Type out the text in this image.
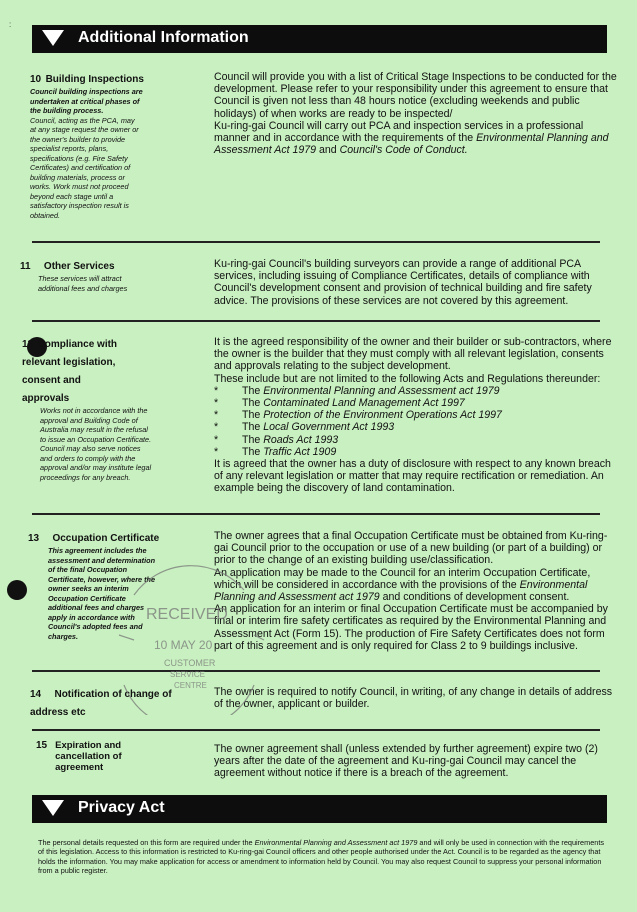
:
Additional Information
10 Building Inspections
Council building inspections are undertaken at critical phases of the building process.
Council, acting as the PCA, may at any stage request the owner or the owner's builder to provide specialist reports, plans, specifications (e.g. Fire Safety Certificates) and certification of building materials, process or works. Work must not proceed beyond each stage until a satisfactory inspection result is obtained.

Council will provide you with a list of Critical Stage Inspections to be conducted for the development. Please refer to your responsibility under this agreement to ensure that Council is given not less than 48 hours notice (excluding weekends and public holidays) of when works are ready to be inspected/

Ku-ring-gai Council will carry out PCA and inspection services in a professional manner and in accordance with the requirements of the Environmental Planning and Assessment Act 1979 and Council's Code of Conduct.

11 Other Services
These services will attract additional fees and charges

Ku-ring-gai Council's building surveyors can provide a range of additional PCA services, including issuing of Compliance Certificates, details of compliance with Council's development consent and provision of technical building and fire safety advice. The provisions of these services are not covered by this agreement.

12 Compliance with relevant legislation, consent and approvals
Works not in accordance with the approval and Building Code of Australia may result in the refusal to issue an Occupation Certificate. Council may also serve notices and orders to comply with the approval and/or may institute legal proceedings for any breach.

It is the agreed responsibility of the owner and their builder or sub-contractors, where the owner is the builder that they must comply with all relevant legislation, consents and approvals relating to the subject development.

These include but are not limited to the following Acts and Regulations thereunder:

* The Environmental Planning and Assessment act 1979
* The Contaminated Land Management Act 1997
* The Protection of the Environment Operations Act 1997
* The Local Government Act 1993
* The Roads Act 1993
* The Traffic Act 1909

It is agreed that the owner has a duty of disclosure with respect to any known breach of any relevant legislation or matter that may require rectification or remediation. An example being the discovery of land contamination.

13 Occupation Certificate
This agreement includes the assessment and determination of the final Occupation Certificate, however, where the owner seeks an interim Occupation Certificate additional fees and charges apply in accordance with Council's adopted fees and charges.

The owner agrees that a final Occupation Certificate must be obtained from Ku-ring-gai Council prior to the occupation or use of a new building (or part of a building) or prior to the change of an existing building use/classification.

An application may be made to the Council for an interim Occupation Certificate, which will be considered in accordance with the provisions of the Environmental Planning and Assessment act 1979 and conditions of development consent.

An application for an interim or final Occupation Certificate must be accompanied by final or interim fire safety certificates as required by the Environmental Planning and Assessment Act (Form 15). The production of Fire Safety Certificates does not form part of this agreement and is only required for Class 2 to 9 buildings inclusive.

14 Notification of change of address etc

The owner is required to notify Council, in writing, of any change in details of address of the owner, applicant or builder.

15 Expiration and cancellation of agreement

The owner agreement shall (unless extended by further agreement) expire two (2) years after the date of the agreement and Ku-ring-gai Council may cancel the agreement without notice if there is a breach of the agreement.

Privacy Act
The personal details requested on this form are required under the Environmental Planning and Assessment act 1979 and will only be used in connection with the requirements of this legislation. Access to this information is restricted to Ku-ring-gai Council officers and other people authorised under the Act. Council is to be regarded as the agency that holds the information. You may make application for access or amendment to information held by Council. You may also request Council to suppress your personal information from a public register.
RECEIVED
10 MAY 20
CUSTOMER
SERVICE
CENTRE
